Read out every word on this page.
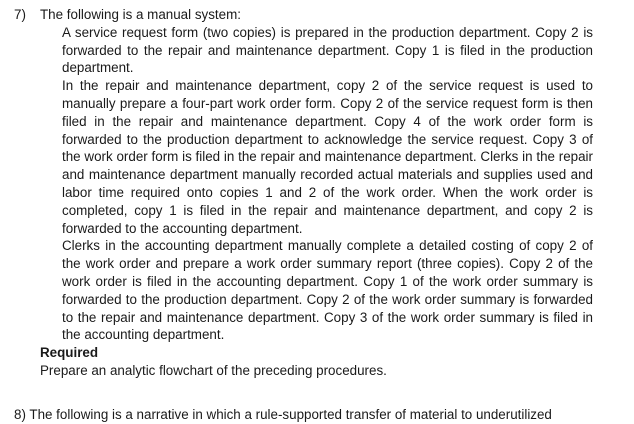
7)	The following is a manual system:
A service request form (two copies) is prepared in the production department. Copy 2 is forwarded to the repair and maintenance department. Copy 1 is filed in the production department.
In the repair and maintenance department, copy 2 of the service request is used to manually prepare a four-part work order form. Copy 2 of the service request form is then filed in the repair and maintenance department. Copy 4 of the work order form is forwarded to the production department to acknowledge the service request. Copy 3 of the work order form is filed in the repair and maintenance department. Clerks in the repair and maintenance department manually recorded actual materials and supplies used and labor time required onto copies 1 and 2 of the work order. When the work order is completed, copy 1 is filed in the repair and maintenance department, and copy 2 is forwarded to the accounting department.
Clerks in the accounting department manually complete a detailed costing of copy 2 of the work order and prepare a work order summary report (three copies). Copy 2 of the work order is filed in the accounting department. Copy 1 of the work order summary is forwarded to the production department. Copy 2 of the work order summary is forwarded to the repair and maintenance department. Copy 3 of the work order summary is filed in the accounting department.
Required
Prepare an analytic flowchart of the preceding procedures.
8) The following is a narrative in which a rule-supported transfer of material to underutilized
